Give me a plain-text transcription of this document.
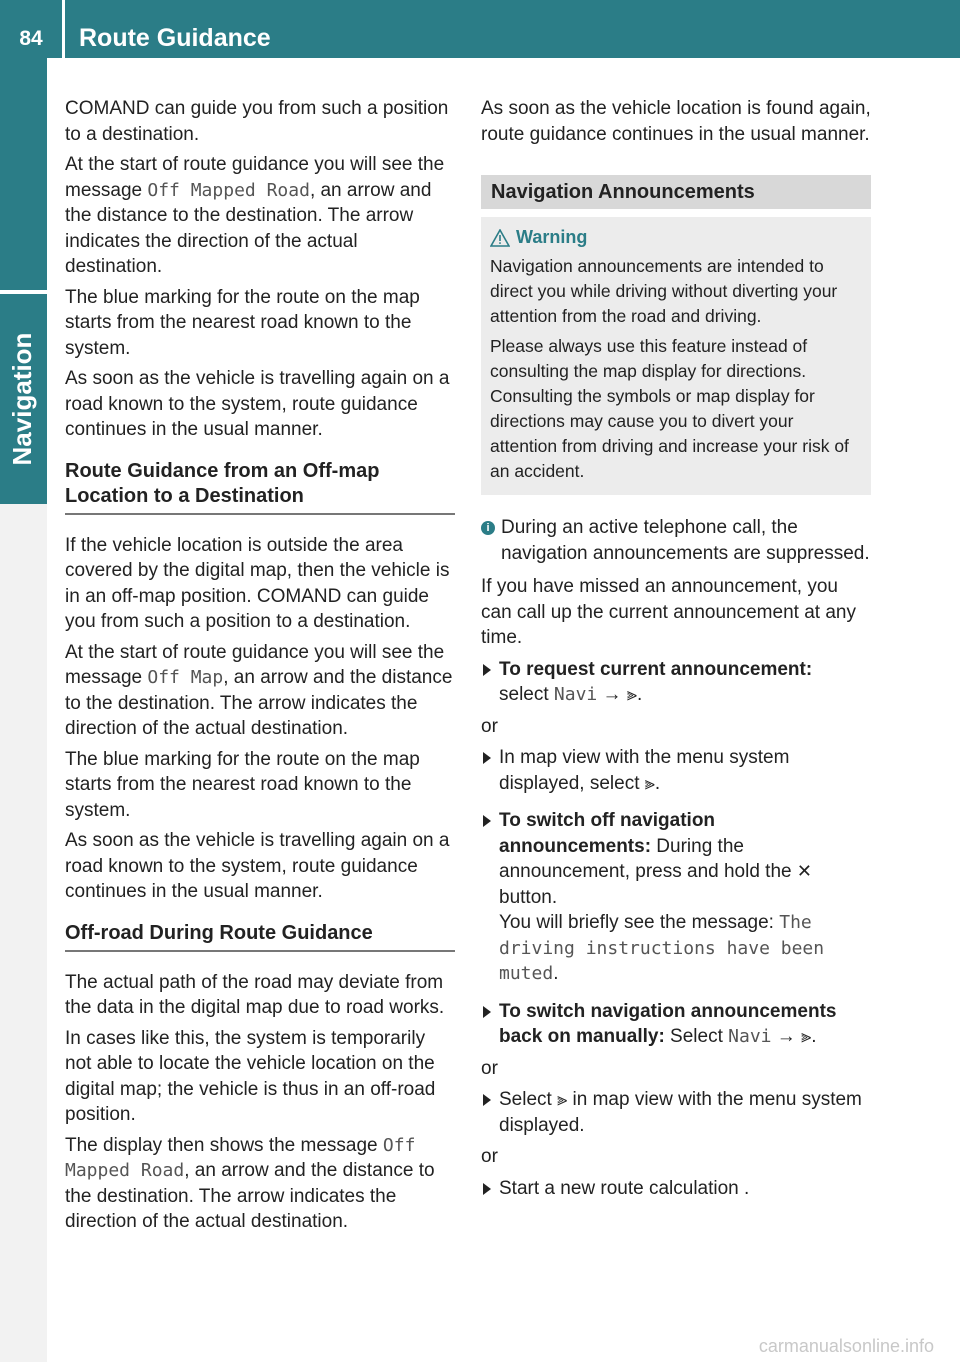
84	Route Guidance
Navigation

COMAND can guide you from such a position to a destination.

At the start of route guidance you will see the message Off Mapped Road, an arrow and the distance to the destination. The arrow indicates the direction of the actual destination.

The blue marking for the route on the map starts from the nearest road known to the system.

As soon as the vehicle is travelling again on a road known to the system, route guidance continues in the usual manner.

Route Guidance from an Off-map Location to a Destination

If the vehicle location is outside the area covered by the digital map, then the vehicle is in an off-map position. COMAND can guide you from such a position to a destination.

At the start of route guidance you will see the message Off Map, an arrow and the distance to the destination. The arrow indicates the direction of the actual destination.

The blue marking for the route on the map starts from the nearest road known to the system.

As soon as the vehicle is travelling again on a road known to the system, route guidance continues in the usual manner.

Off-road During Route Guidance

The actual path of the road may deviate from the data in the digital map due to road works.

In cases like this, the system is temporarily not able to locate the vehicle location on the digital map; the vehicle is thus in an off-road position.

The display then shows the message Off Mapped Road, an arrow and the distance to the destination. The arrow indicates the direction of the actual destination.

As soon as the vehicle location is found again, route guidance continues in the usual manner.

Navigation Announcements
Warning

Navigation announcements are intended to direct you while driving without diverting your attention from the road and driving.

Please always use this feature instead of consulting the map display for directions. Consulting the symbols or map display for directions may cause you to divert your attention from driving and increase your risk of an accident.

i During an active telephone call, the navigation announcements are suppressed.

If you have missed an announcement, you can call up the current announcement at any time.

To request current announcement:
select Navi → ⫸.
or
In map view with the menu system displayed, select ⫸.
To switch off navigation announcements: During the announcement, press and hold the ✕ button.
You will briefly see the message: The driving instructions have been muted.
To switch navigation announcements back on manually: Select Navi → ⫸.
or
Select ⫸ in map view with the menu system displayed.
or
Start a new route calculation .
carmanualsonline.info
